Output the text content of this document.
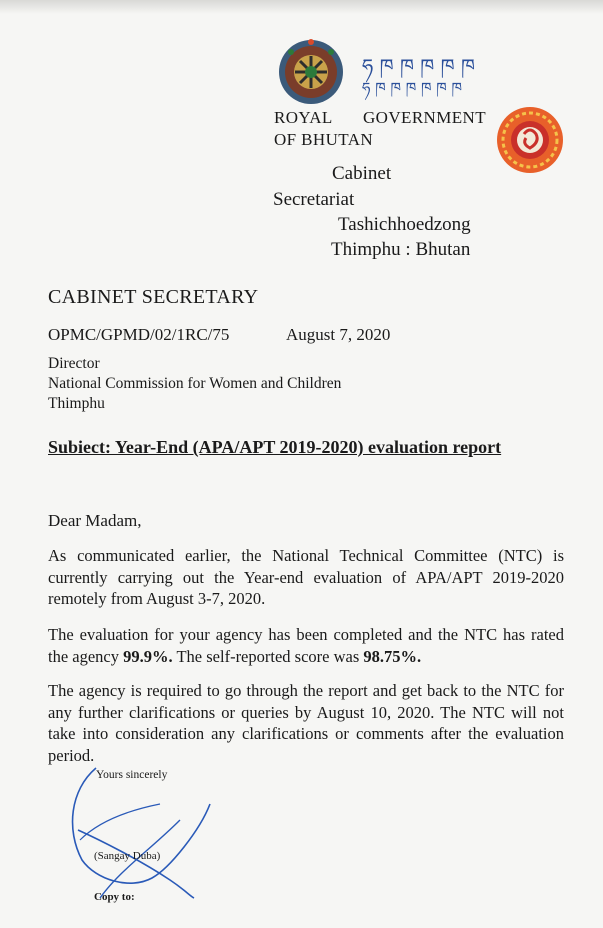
ཧ ཁ ཁ ཁ ཁ ཁ
ཧ ཁ ཁ ཁ ཁ ཁ ཁ
ROYAL GOVERNMENT
OF BHUTAN
Cabinet
Secretariat
Tashichhoedzong
Thimphu : Bhutan
CABINET SECRETARY
OPMC/GPMD/02/1RC/75	August 7, 2020
Director
National Commission for Women and Children
Thimphu
Subiect: Year-End (APA/APT 2019-2020) evaluation report
Dear Madam,
As communicated earlier, the National Technical Committee (NTC) is currently carrying out the Year-end evaluation of APA/APT 2019-2020 remotely from August 3-7, 2020.
The evaluation for your agency has been completed and the NTC has rated the agency 99.9%. The self-reported score was 98.75%.
The agency is required to go through the report and get back to the NTC for any further clarifications or queries by August 10, 2020. The NTC will not take into consideration any clarifications or comments after the evaluation period.
Yours sincerely
(Sangay Duba)
Copy to:
